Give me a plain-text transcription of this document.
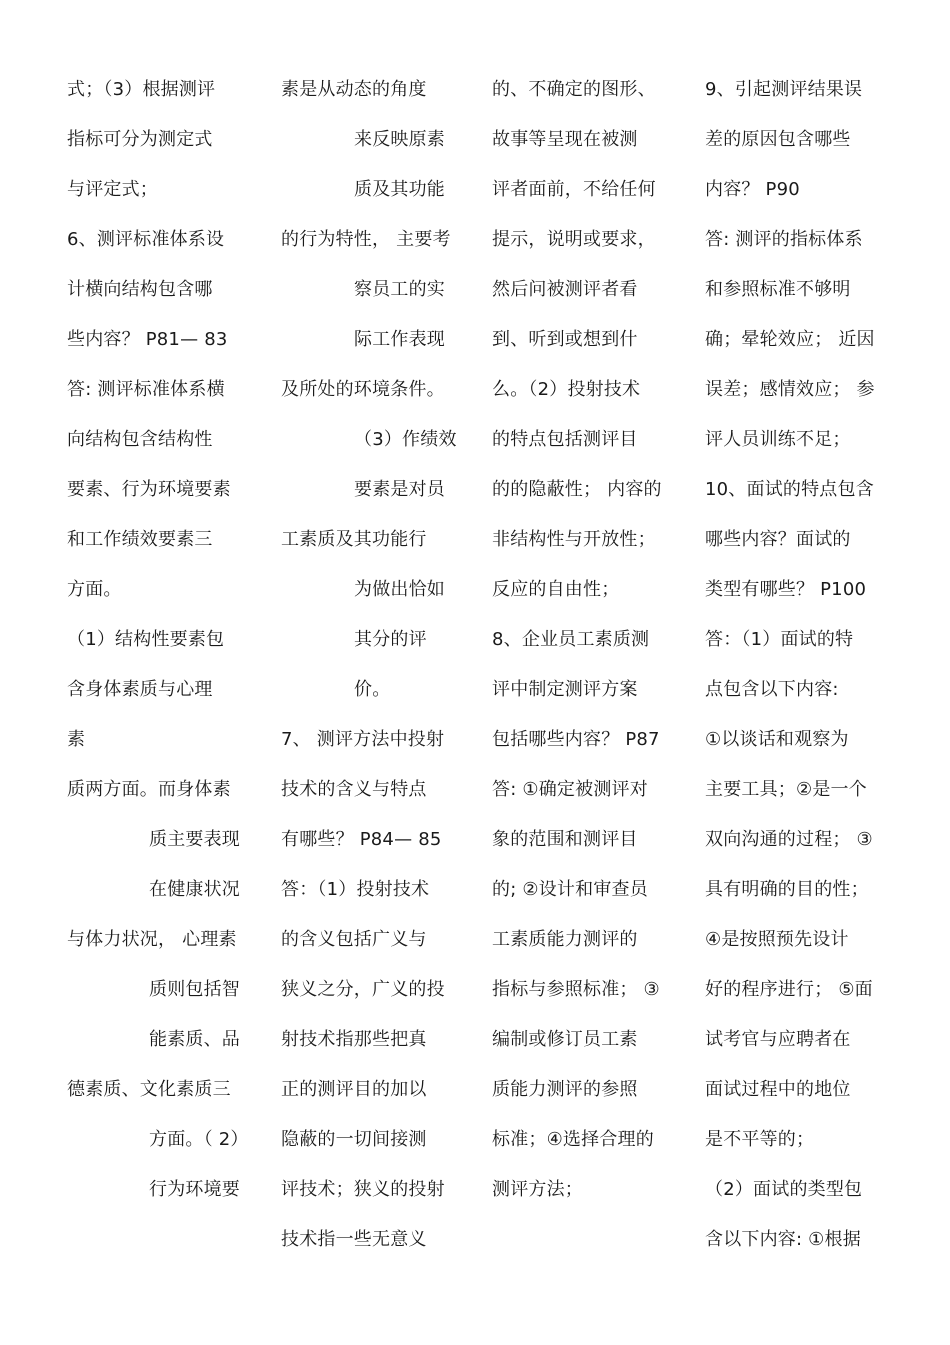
式；（3）根据测评
指标可分为测定式
与评定式；
6、测评标准体系设
计横向结构包含哪
些内容？ P81— 83
答: 测评标准体系横
向结构包含结构性
要素、行为环境要素
和工作绩效要素三
方面。
（1）结构性要素包
含身体素质与心理
素
质两方面。而身体素
质主要表现
在健康状况
与体力状况， 心理素
质则包括智
能素质、品
德素质、文化素质三
方面。（ 2）
行为环境要
素是从动态的角度
来反映原素
质及其功能
的行为特性， 主要考
察员工的实
际工作表现
及所处的环境条件。
（3）作绩效
要素是对员
工素质及其功能行
为做出恰如
其分的评
价。
7、 测评方法中投射
技术的含义与特点
有哪些？ P84— 85
答：（1）投射技术
的含义包括广义与
狭义之分，广义的投
射技术指那些把真
正的测评目的加以
隐蔽的一切间接测
评技术；狭义的投射
技术指一些无意义
的、不确定的图形、
故事等呈现在被测
评者面前，不给任何
提示，说明或要求，
然后问被测评者看
到、听到或想到什
么。（2）投射技术
的特点包括测评目
的的隐蔽性； 内容的
非结构性与开放性；
反应的自由性；
8、企业员工素质测
评中制定测评方案
包括哪些内容？ P87
答: ①确定被测评对
象的范围和测评目
的; ②设计和审查员
工素质能力测评的
指标与参照标准； ③
编制或修订员工素
质能力测评的参照
标准；④选择合理的
测评方法；
9、引起测评结果误
差的原因包含哪些
内容？ P90
答: 测评的指标体系
和参照标准不够明
确；晕轮效应； 近因
误差；感情效应； 参
评人员训练不足；
10、面试的特点包含
哪些内容？面试的
类型有哪些？ P100
答：（1）面试的特
点包含以下内容:
①以谈话和观察为
主要工具；②是一个
双向沟通的过程； ③
具有明确的目的性；
④是按照预先设计
好的程序进行； ⑤面
试考官与应聘者在
面试过程中的地位
是不平等的；
（2）面试的类型包
含以下内容: ①根据
